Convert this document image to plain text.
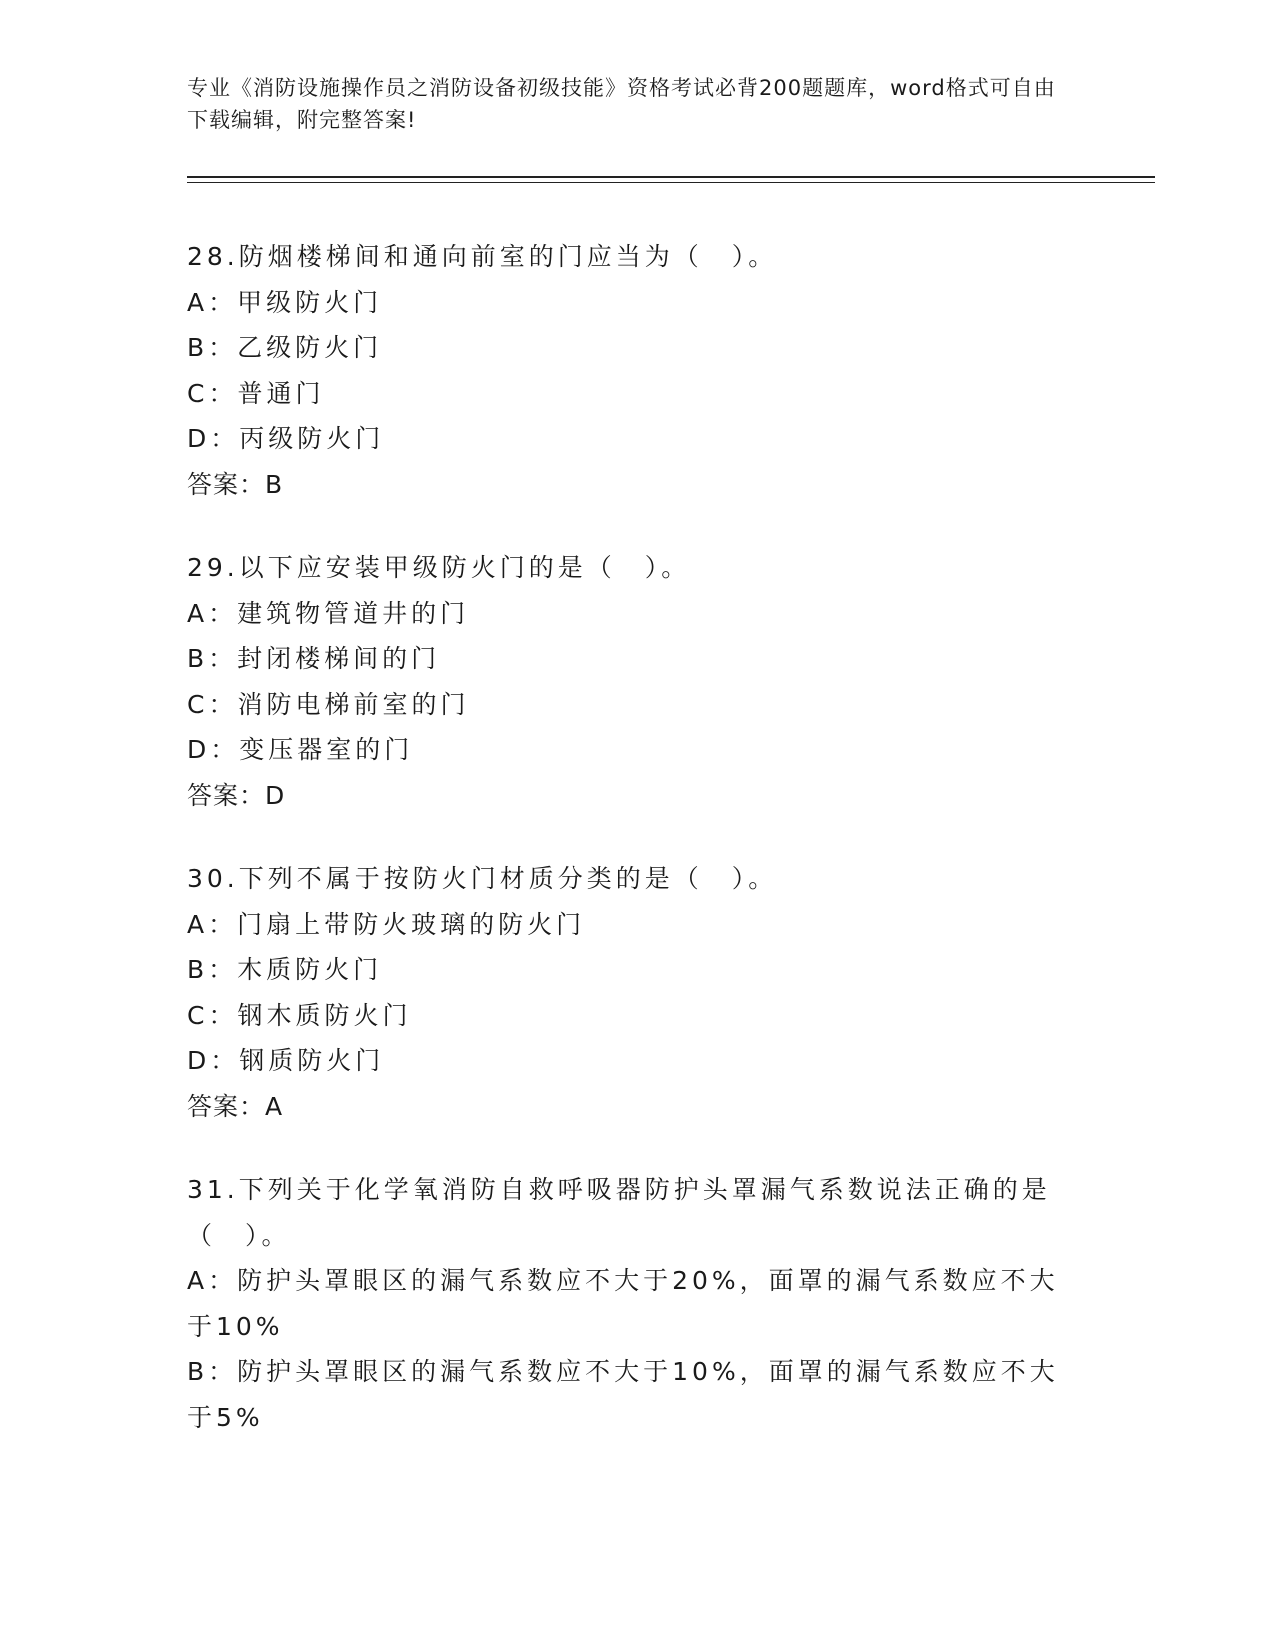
专业《消防设施操作员之消防设备初级技能》资格考试必背200题题库，word格式可自由下载编辑，附完整答案!
28.防烟楼梯间和通向前室的门应当为（　）。
A：甲级防火门
B：乙级防火门
C：普通门
D：丙级防火门
答案：B
29.以下应安装甲级防火门的是（　）。
A：建筑物管道井的门
B：封闭楼梯间的门
C：消防电梯前室的门
D：变压器室的门
答案：D
30.下列不属于按防火门材质分类的是（　）。
A：门扇上带防火玻璃的防火门
B：木质防火门
C：钢木质防火门
D：钢质防火门
答案：A
31.下列关于化学氧消防自救呼吸器防护头罩漏气系数说法正确的是（　）。
A：防护头罩眼区的漏气系数应不大于20%，面罩的漏气系数应不大于10%
B：防护头罩眼区的漏气系数应不大于10%，面罩的漏气系数应不大于5%
